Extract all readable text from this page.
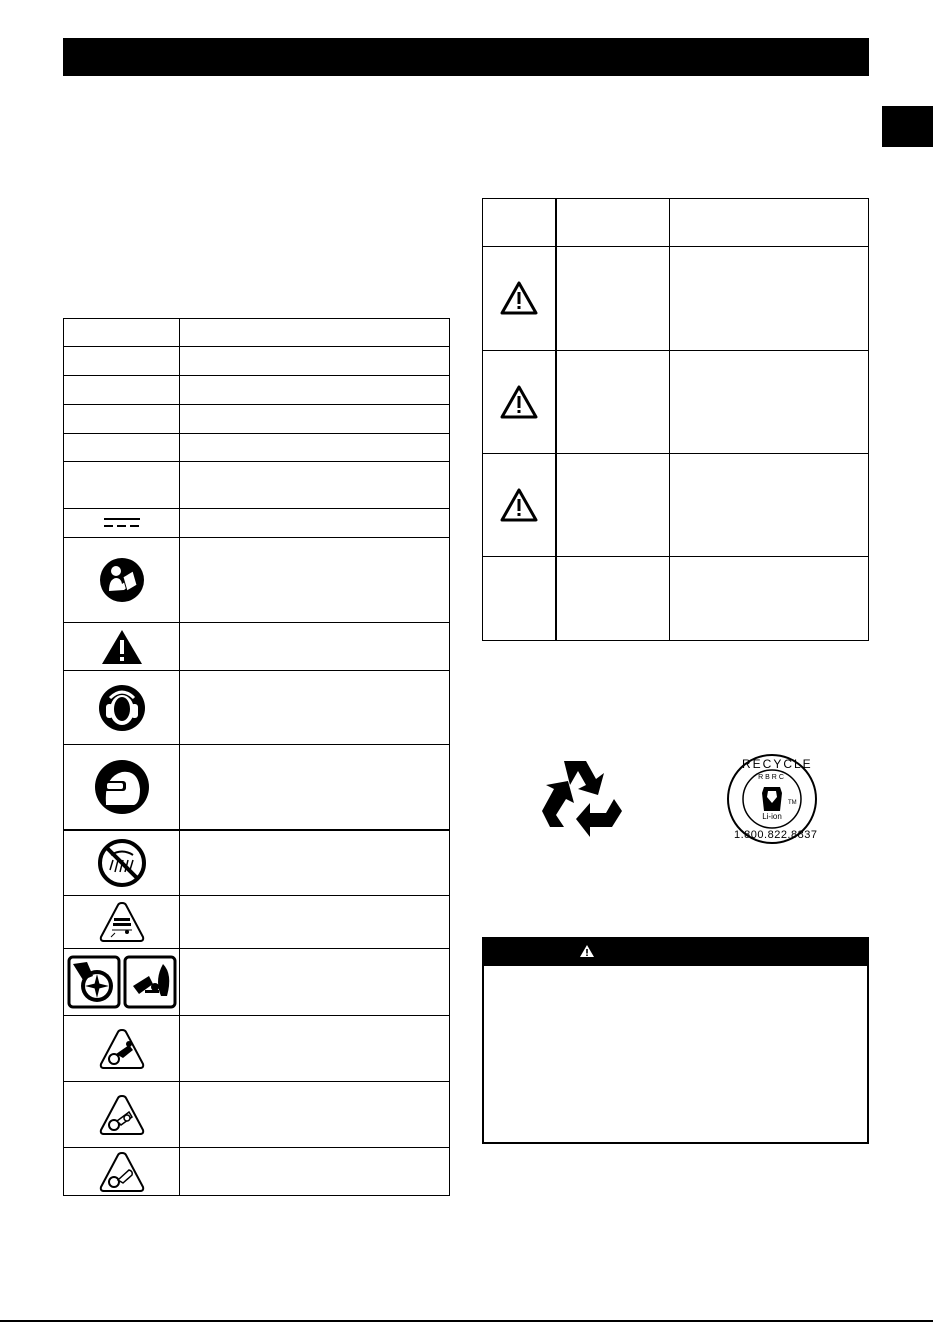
RECYCLE
RBRC
TM
Li-ion
1.800.822.8837
